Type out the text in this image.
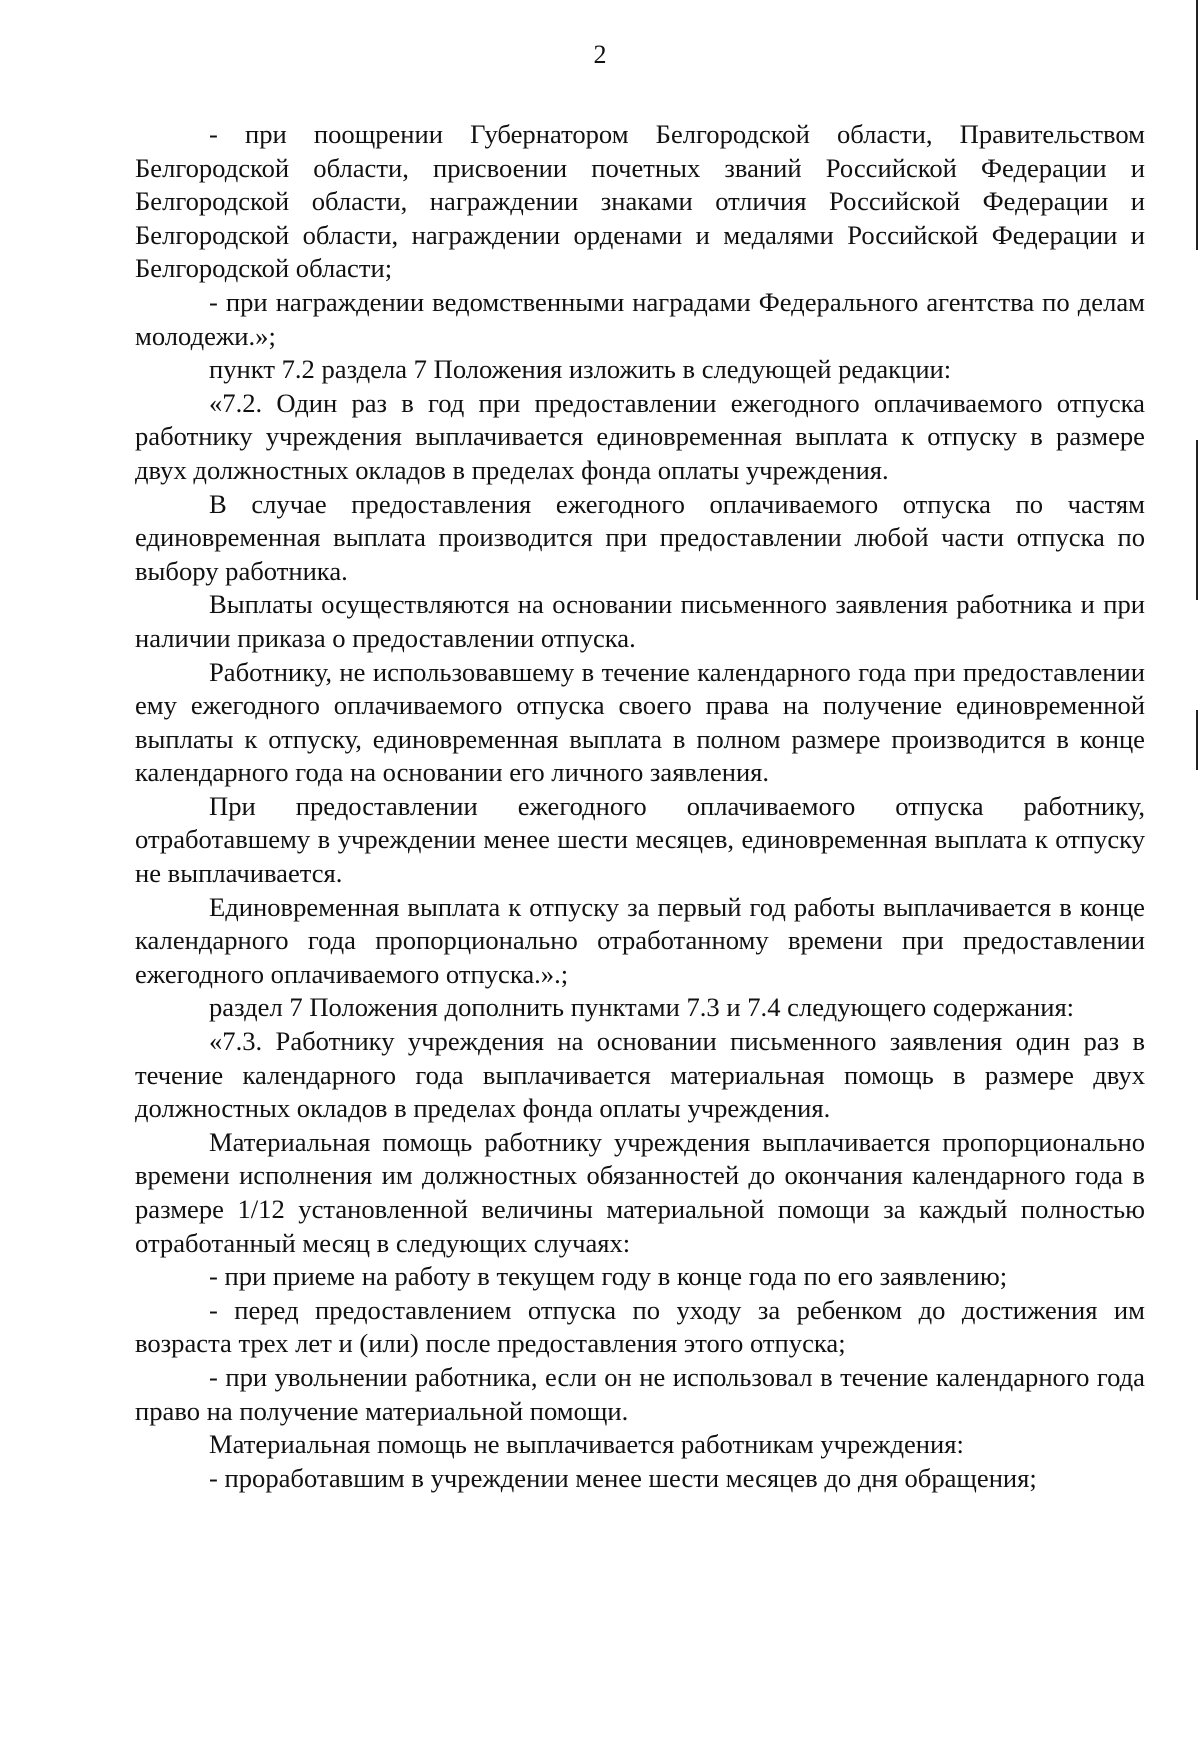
2

- при поощрении Губернатором Белгородской области, Правительством Белгородской области, присвоении почетных званий Российской Федерации и Белгородской области, награждении знаками отличия Российской Федерации и Белгородской области, награждении орденами и медалями Российской Федерации и Белгородской области;

- при награждении ведомственными наградами Федерального агентства по делам молодежи.»;

пункт 7.2 раздела 7 Положения изложить в следующей редакции:

«7.2. Один раз в год при предоставлении ежегодного оплачиваемого отпуска работнику учреждения выплачивается единовременная выплата к отпуску в размере двух должностных окладов в пределах фонда оплаты учреждения.

В случае предоставления ежегодного оплачиваемого отпуска по частям единовременная выплата производится при предоставлении любой части отпуска по выбору работника.

Выплаты осуществляются на основании письменного заявления работника и при наличии приказа о предоставлении отпуска.

Работнику, не использовавшему в течение календарного года при предоставлении ему ежегодного оплачиваемого отпуска своего права на получение единовременной выплаты к отпуску, единовременная выплата в полном размере производится в конце календарного года на основании его личного заявления.

При предоставлении ежегодного оплачиваемого отпуска работнику, отработавшему в учреждении менее шести месяцев, единовременная выплата к отпуску не выплачивается.

Единовременная выплата к отпуску за первый год работы выплачивается в конце календарного года пропорционально отработанному времени при предоставлении ежегодного оплачиваемого отпуска.».;

раздел 7 Положения дополнить пунктами 7.3 и 7.4 следующего содержания:

«7.3. Работнику учреждения на основании письменного заявления один раз в течение календарного года выплачивается материальная помощь в размере двух должностных окладов в пределах фонда оплаты учреждения.

Материальная помощь работнику учреждения выплачивается пропорционально времени исполнения им должностных обязанностей до окончания календарного года в размере 1/12 установленной величины материальной помощи за каждый полностью отработанный месяц в следующих случаях:

- при приеме на работу в текущем году в конце года по его заявлению;

- перед предоставлением отпуска по уходу за ребенком до достижения им возраста трех лет и (или) после предоставления этого отпуска;

- при увольнении работника, если он не использовал в течение календарного года право на получение материальной помощи.

Материальная помощь не выплачивается работникам учреждения:

- проработавшим в учреждении менее шести месяцев до дня обращения;
